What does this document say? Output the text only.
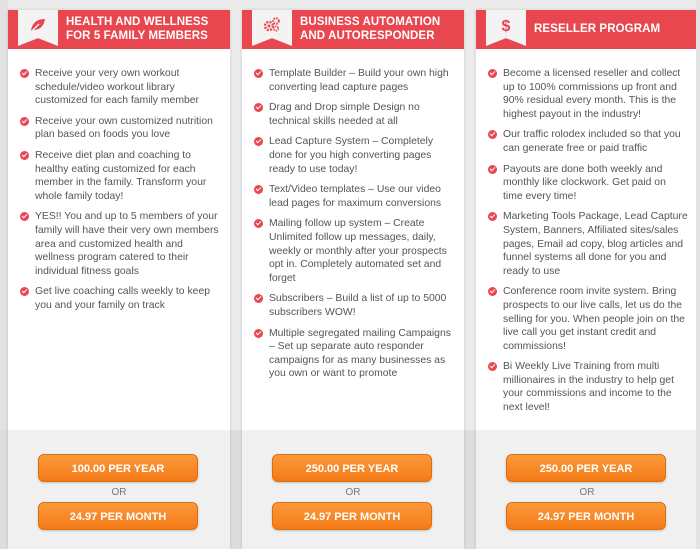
HEALTH AND WELLNESS FOR 5 FAMILY MEMBERS
Receive your very own workout schedule/video workout library customized for each family member
Receive your own customized nutrition plan based on foods you love
Receive diet plan and coaching to healthy eating customized for each member in the family. Transform your whole family today!
YES!! You and up to 5 members of your family will have their very own members area and customized health and wellness program catered to their individual fitness goals
Get live coaching calls weekly to keep you and your family on track
BUSINESS AUTOMATION AND AUTORESPONDER
Template Builder – Build your own high converting lead capture pages
Drag and Drop simple Design no technical skills needed at all
Lead Capture System – Completely done for you high converting pages ready to use today!
Text/Video templates – Use our video lead pages for maximum conversions
Mailing follow up system – Create Unlimited follow up messages, daily, weekly or monthly after your prospects opt in. Completely automated set and forget
Subscribers – Build a list of up to 5000 subscribers WOW!
Multiple segregated mailing Campaigns – Set up separate auto responder campaigns for as many businesses as you own or want to promote
$ RESELLER PROGRAM
Become a licensed reseller and collect up to 100% commissions up front and 90% residual every month. This is the highest payout in the industry!
Our traffic rolodex included so that you can generate free or paid traffic
Payouts are done both weekly and monthly like clockwork. Get paid on time every time!
Marketing Tools Package, Lead Capture System, Banners, Affiliated sites/sales pages, Email ad copy, blog articles and funnel systems all done for you and ready to use
Conference room invite system. Bring prospects to our live calls, let us do the selling for you. When people join on the live call you get instant credit and commissions!
Bi Weekly Live Training from multi millionaires in the industry to help get your commissions and income to the next level!
100.00 PER YEAR
OR
24.97 PER MONTH
250.00 PER YEAR
OR
24.97 PER MONTH
250.00 PER YEAR
OR
24.97 PER MONTH
